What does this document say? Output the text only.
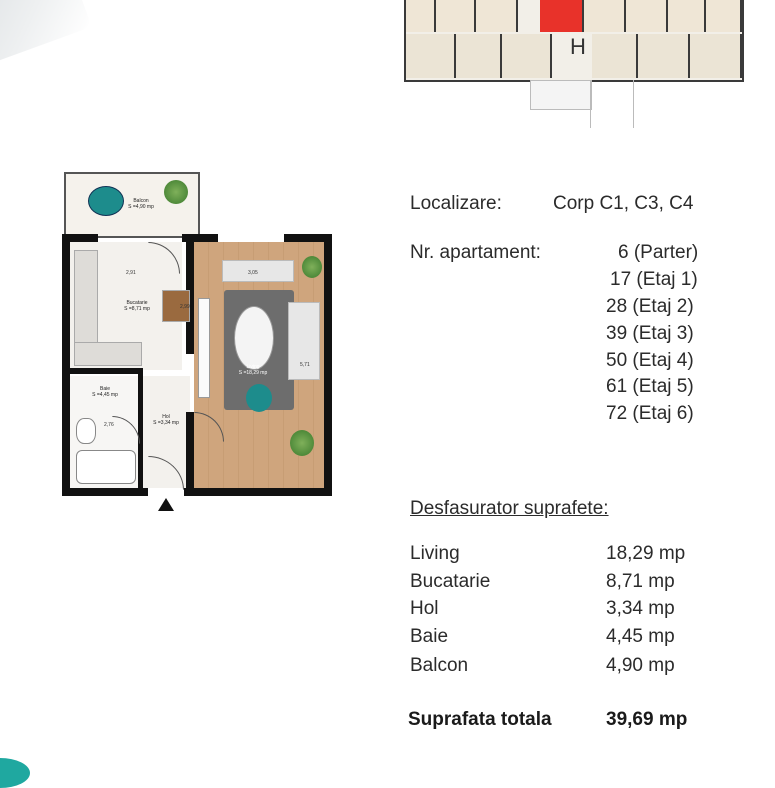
H
Balcon
S =4,90 mp
2,91
2,99
Bucatarie
S =8,71 mp
3,05
5,71
Living
S =18,29 mp
2,76
Baie
S =4,45 mp
Hol
S =3,34 mp
Localizare:	Corp C1, C3, C4
Nr. apartament:	6 (Parter)
17 (Etaj 1)
28 (Etaj 2)
39 (Etaj 3)
50 (Etaj 4)
61 (Etaj 5)
72 (Etaj 6)
Desfasurator suprafete:
Living	18,29 mp
Bucatarie	8,71 mp
Hol	3,34 mp
Baie	4,45 mp
Balcon	4,90 mp
Suprafata totala	39,69 mp
